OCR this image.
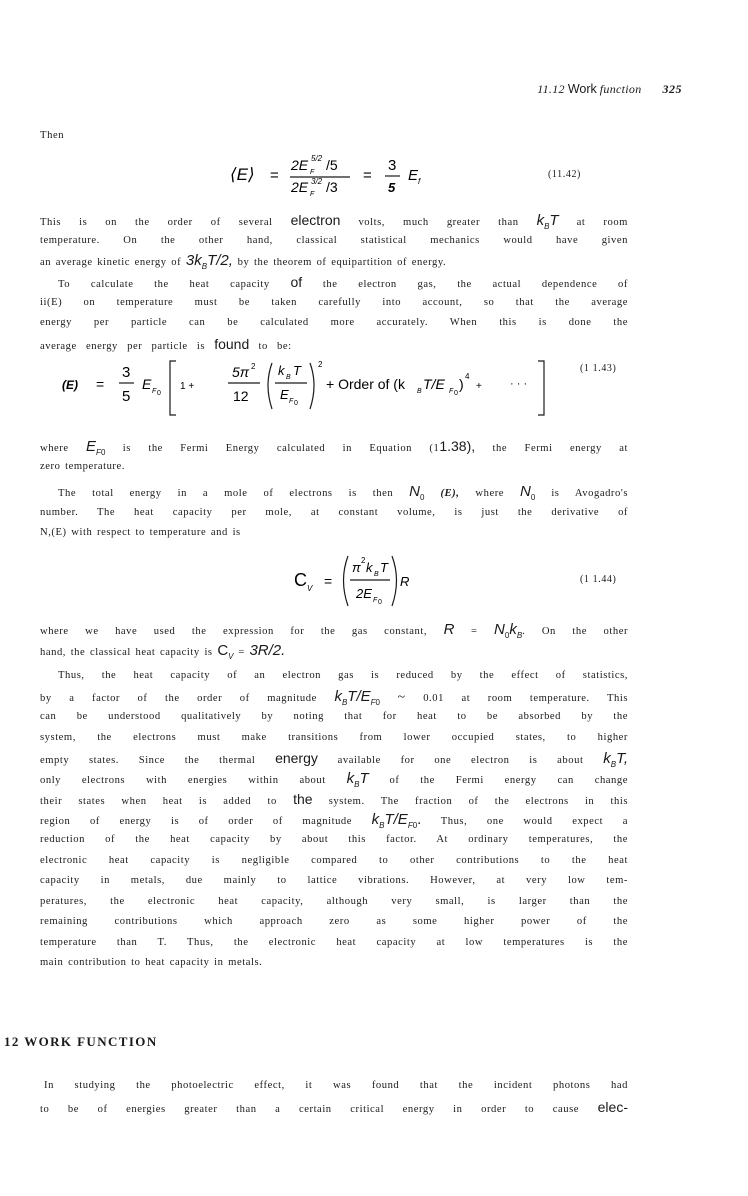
11.12 Work function 325
Then
⟨E⟩ =
2E 5/2
F /5
2E 3/2
F /3
=
3
5
E f
(11.42)
This is on the order of several electron volts, much greater than $k_BT$ at room
temperature. On the other hand, classical statistical mechanics would have given
an average kinetic energy of $3k_BT/2$, by the theorem of equipartition of energy.
To calculate the heat capacity of the electron gas, the actual dependence of
ii(E) on temperature must be taken carefully into account, so that the average
energy per particle can be calculated more accurately. When this is done the
average energy per particle is found to be:
(E) =
3
5
E F 0
1 +
5π 2
12
k B T
E F 0
2
+ Order of (k B T/E F 0
) 4
+	· · ·
(1 1.43)
where $E_{F0}$ is the Fermi Energy calculated in Equation (11.38), the Fermi energy at
zero temperature.
The total energy in a mole of electrons is then $N_0$ (E), where $N_0$ is Avogadro's
number. The heat capacity per mole, at constant volume, is just the derivative of
N,(E) with respect to temperature and is
C V =
π 2 k B T
2E F 0
R	(1 1.44)
where we have used the expression for the gas constant, $R = N_0k_B$. On the other
hand, the classical heat capacity is $C_V = 3R/2$.
Thus, the heat capacity of an electron gas is reduced by the effect of statistics,
by a factor of the order of magnitude $k_BT/E_{F0}$ ~ 0.01 at room temperature. This
can be understood qualitatively by noting that for heat to be absorbed by the
system, the electrons must make transitions from lower occupied states, to higher
empty states. Since the thermal energy available for one electron is about $k_BT$,
only electrons with energies within about $k_BT$ of the Fermi energy can change
their states when heat is added to the system. The fraction of the electrons in this
region of energy is of order of magnitude $k_BT/E_{F0}$. Thus, one would expect a
reduction of the heat capacity by about this factor. At ordinary temperatures, the
electronic heat capacity is negligible compared to other contributions to the heat
capacity in metals, due mainly to lattice vibrations. However, at very low tem-
peratures, the electronic heat capacity, although very small, is larger than the
remaining contributions which approach zero as some higher power of the
temperature than T. Thus, the electronic heat capacity at low temperatures is the
main contribution to heat capacity in metals.
12 WORK FUNCTION
In studying the photoelectric effect, it was found that the incident photons had
to be of energies greater than a certain critical energy in order to cause elec-
